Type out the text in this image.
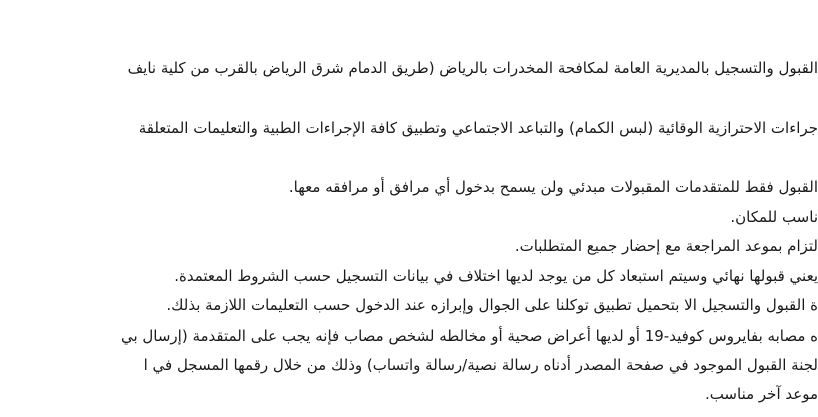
القبول والتسجيل بالمديرية العامة لمكافحة المخدرات بالرياض (طريق الدمام شرق الرياض بالقرب من كلية نايف
جراءات الاحترازية الوقائية (لبس الكمام) والتباعد الاجتماعي وتطبيق كافة الإجراءات الطبية والتعليمات المتعلقة
القبول فقط للمتقدمات المقبولات مبدئي ولن يسمح بدخول أي مرافق أو مرافقه معها.
ناسب للمكان.
لتزام بموعد المراجعة مع إحضار جميع المتطلبات.
يعني قبولها نهائي وسيتم استبعاد كل من يوجد لديها اختلاف في بيانات التسجيل حسب الشروط المعتمدة.
ة القبول والتسجيل الا بتحميل تطبيق توكلنا على الجوال وإبرازه عند الدخول حسب التعليمات اللازمة بذلك.
ه مصابه بفايروس كوفيد-19 أو لديها أعراض صحية أو مخالطه لشخص مصاب فإنه يجب على المتقدمة (إرسال بي
لجنة القبول الموجود في صفحة المصدر أدناه رسالة نصية/رسالة واتساب) وذلك من خلال رقمها المسجل في ا
موعد آخر مناسب.
